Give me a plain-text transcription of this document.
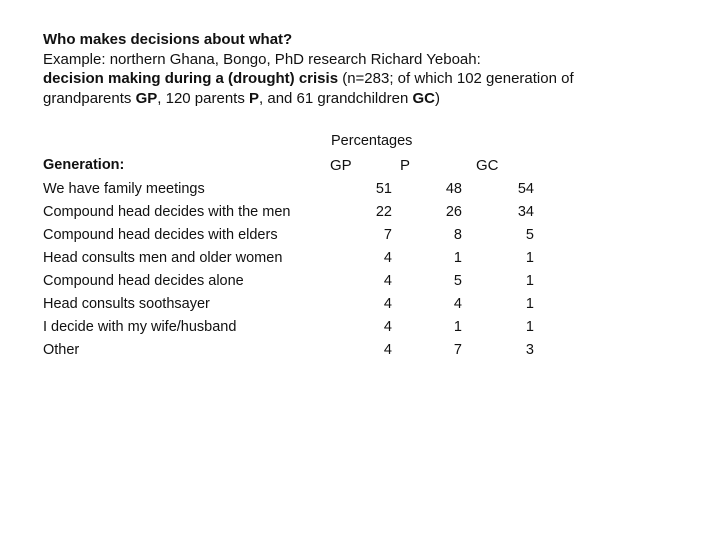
Who makes decisions about what?
Example: northern Ghana, Bongo, PhD research Richard Yeboah:
decision making during a (drought) crisis (n=283; of which 102 generation of
grandparents GP, 120 parents P, and 61 grandchildren GC)
Percentages
Generation:	GP	P	GC
We have family meetings	51	48	54
Compound head decides with the men	22	26	34
Compound head decides with elders	7	8	5
Head consults men and older women	4	1	1
Compound head decides alone	4	5	1
Head consults soothsayer	4	4	1
I decide with my wife/husband	4	1	1
Other	4	7	3
